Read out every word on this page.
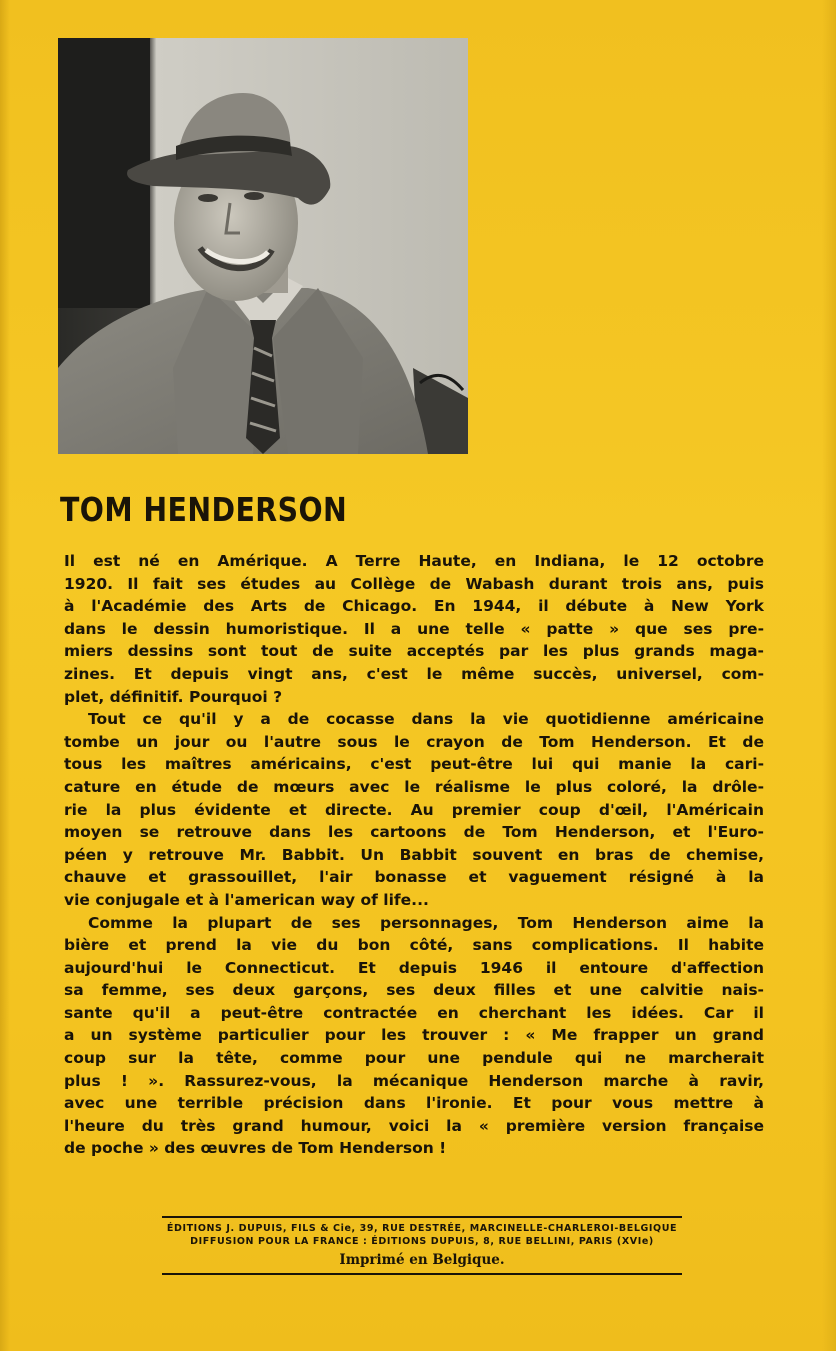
TOM HENDERSON
Il est né en Amérique. A Terre Haute, en Indiana, le 12 octobre
1920. Il fait ses études au Collège de Wabash durant trois ans, puis
à l'Académie des Arts de Chicago. En 1944, il débute à New York
dans le dessin humoristique. Il a une telle « patte » que ses pre-
miers dessins sont tout de suite acceptés par les plus grands maga-
zines. Et depuis vingt ans, c'est le même succès, universel, com-
plet, définitif. Pourquoi ?
Tout ce qu'il y a de cocasse dans la vie quotidienne américaine
tombe un jour ou l'autre sous le crayon de Tom Henderson. Et de
tous les maîtres américains, c'est peut-être lui qui manie la cari-
cature en étude de mœurs avec le réalisme le plus coloré, la drôle-
rie la plus évidente et directe. Au premier coup d'œil, l'Américain
moyen se retrouve dans les cartoons de Tom Henderson, et l'Euro-
péen y retrouve Mr. Babbit. Un Babbit souvent en bras de chemise,
chauve et grassouillet, l'air bonasse et vaguement résigné à la
vie conjugale et à l'american way of life...
Comme la plupart de ses personnages, Tom Henderson aime la
bière et prend la vie du bon côté, sans complications. Il habite
aujourd'hui le Connecticut. Et depuis 1946 il entoure d'affection
sa femme, ses deux garçons, ses deux filles et une calvitie nais-
sante qu'il a peut-être contractée en cherchant les idées. Car il
a un système particulier pour les trouver : « Me frapper un grand
coup sur la tête, comme pour une pendule qui ne marcherait
plus ! ». Rassurez-vous, la mécanique Henderson marche à ravir,
avec une terrible précision dans l'ironie. Et pour vous mettre à
l'heure du très grand humour, voici la « première version française
de poche » des œuvres de Tom Henderson !
ÉDITIONS J. DUPUIS, FILS & Cie, 39, RUE DESTRÉE, MARCINELLE-CHARLEROI-BELGIQUE
DIFFUSION POUR LA FRANCE : ÉDITIONS DUPUIS, 8, RUE BELLINI, PARIS (XVIe)
Imprimé en Belgique.
